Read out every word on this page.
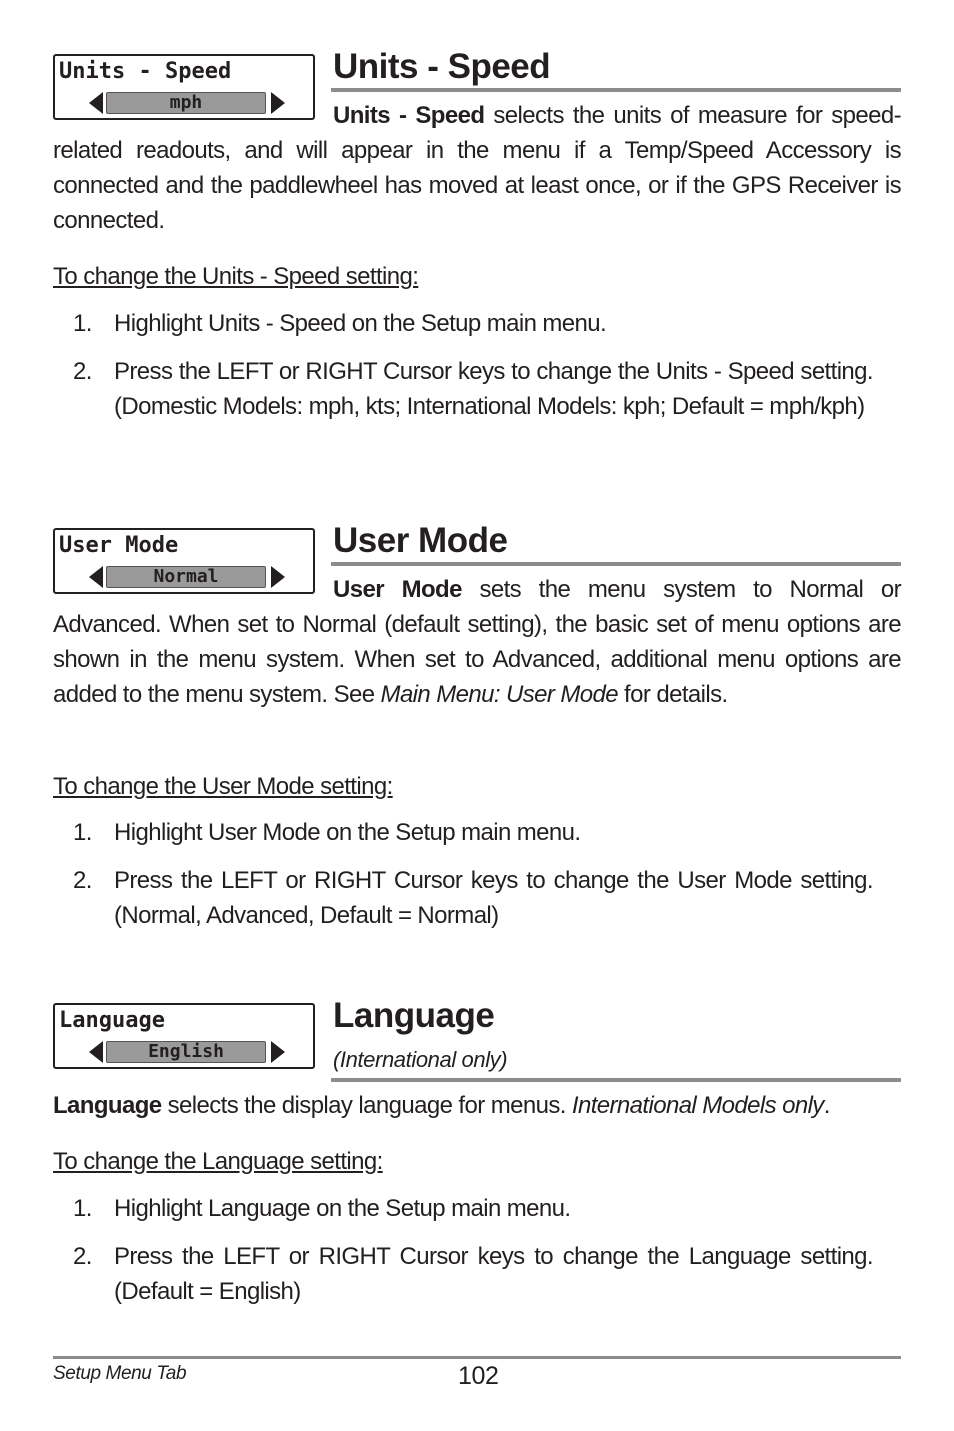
Units - Speed
mph
Units - Speed

Units - Speed selects the units of measure for speed-related readouts, and will appear in the menu if a Temp/Speed Accessory is connected and the paddlewheel has moved at least once, or if the GPS Receiver is connected.

To change the Units - Speed setting:

1. Highlight Units - Speed on the Setup main menu.
2. Press the LEFT or RIGHT Cursor keys to change the Units - Speed setting. (Domestic Models: mph, kts; International Models: kph; Default = mph/kph)
User Mode
Normal
User Mode

User Mode sets the menu system to Normal or Advanced. When set to Normal (default setting), the basic set of menu options are shown in the menu system. When set to Advanced, additional menu options are added to the menu system. See Main Menu: User Mode for details.

To change the User Mode setting:

1. Highlight User Mode on the Setup main menu.
2. Press the LEFT or RIGHT Cursor keys to change the User Mode setting. (Normal, Advanced, Default = Normal)
Language
English
Language
(International only)

Language selects the display language for menus. International Models only.

To change the Language setting:

1. Highlight Language on the Setup main menu.
2. Press the LEFT or RIGHT Cursor keys to change the Language setting. (Default = English)
Setup Menu Tab	102
